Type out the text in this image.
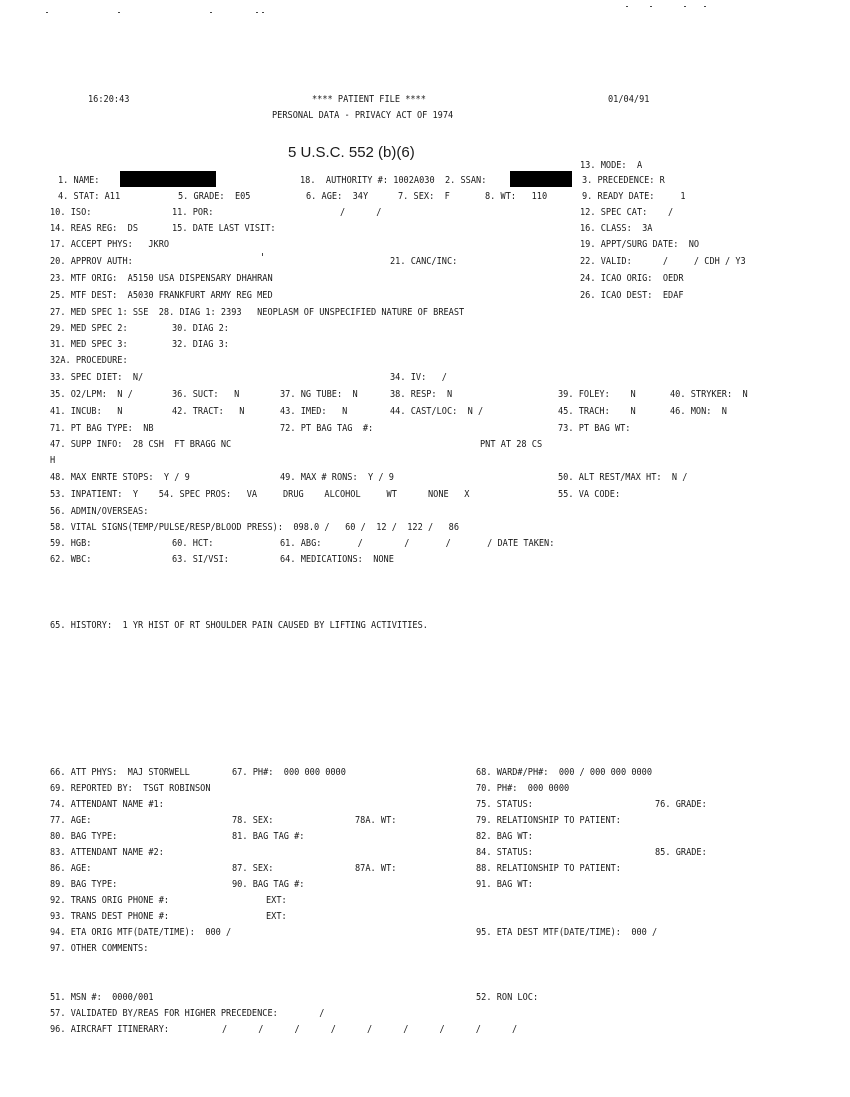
16:20:43	**** PATIENT FILE ****
PERSONAL DATA - PRIVACY ACT OF 1974
01/04/91
5 U.S.C. 552 (b)(6)
13. MODE:  A
1. NAME:	18.  AUTHORITY #: 1002A030  2. SSAN:	3. PRECEDENCE: R
4. STAT: A11	5. GRADE:  E05	6. AGE:  34Y	7. SEX:  F	8. WT:   110	9. READY DATE:     1
10. ISO:	11. POR:	/      /	12. SPEC CAT:    /
14. REAS REG:  DS	15. DATE LAST VISIT:	16. CLASS:  3A
17. ACCEPT PHYS:   JKRO	19. APPT/SURG DATE:  NO
20. APPROV AUTH:	21. CANC/INC:	22. VALID:      /     / CDH / Y3
23. MTF ORIG:  A5150 USA DISPENSARY DHAHRAN	24. ICAO ORIG:  OEDR
25. MTF DEST:  A5030 FRANKFURT ARMY REG MED	26. ICAO DEST:  EDAF
27. MED SPEC 1: SSE  28. DIAG 1: 2393   NEOPLASM OF UNSPECIFIED NATURE OF BREAST
29. MED SPEC 2:	30. DIAG 2:
31. MED SPEC 3:	32. DIAG 3:
32A. PROCEDURE:
33. SPEC DIET:  N/	34. IV:   /
35. O2/LPM:  N /	36. SUCT:   N	37. NG TUBE:  N	38. RESP:  N	39. FOLEY:    N	40. STRYKER:  N
41. INCUB:   N	42. TRACT:   N	43. IMED:   N	44. CAST/LOC:  N /	45. TRACH:    N	46. MON:  N
71. PT BAG TYPE:  NB	72. PT BAG TAG  #:	73. PT BAG WT:
47. SUPP INFO:  28 CSH  FT BRAGG NC	PNT AT 28 CS
H
48. MAX ENRTE STOPS:  Y / 9	49. MAX # RONS:  Y / 9	50. ALT REST/MAX HT:  N /
53. INPATIENT:  Y    54. SPEC PROS:   VA     DRUG    ALCOHOL     WT      NONE   X	55. VA CODE:
56. ADMIN/OVERSEAS:
58. VITAL SIGNS(TEMP/PULSE/RESP/BLOOD PRESS):  098.0 /   60 /  12 /  122 /   86
59. HGB:	60. HCT:	61. ABG:       /        /       /       / DATE TAKEN:
62. WBC:	63. SI/VSI:	64. MEDICATIONS:  NONE
65. HISTORY:  1 YR HIST OF RT SHOULDER PAIN CAUSED BY LIFTING ACTIVITIES.
66. ATT PHYS:  MAJ STORWELL	67. PH#:  000 000 0000	68. WARD#/PH#:  000 / 000 000 0000
69. REPORTED BY:  TSGT ROBINSON	70. PH#:  000 0000
74. ATTENDANT NAME #1:	75. STATUS:	76. GRADE:
77. AGE:	78. SEX:	78A. WT:	79. RELATIONSHIP TO PATIENT:
80. BAG TYPE:	81. BAG TAG #:	82. BAG WT:
83. ATTENDANT NAME #2:	84. STATUS:	85. GRADE:
86. AGE:	87. SEX:	87A. WT:	88. RELATIONSHIP TO PATIENT:
89. BAG TYPE:	90. BAG TAG #:	91. BAG WT:
92. TRANS ORIG PHONE #:	EXT:
93. TRANS DEST PHONE #:	EXT:
94. ETA ORIG MTF(DATE/TIME):  000 /	95. ETA DEST MTF(DATE/TIME):  000 /
97. OTHER COMMENTS:
51. MSN #:  0000/001	52. RON LOC:
57. VALIDATED BY/REAS FOR HIGHER PRECEDENCE:        /
96. AIRCRAFT ITINERARY:	/      /      /      /      /      /      /      /      /
